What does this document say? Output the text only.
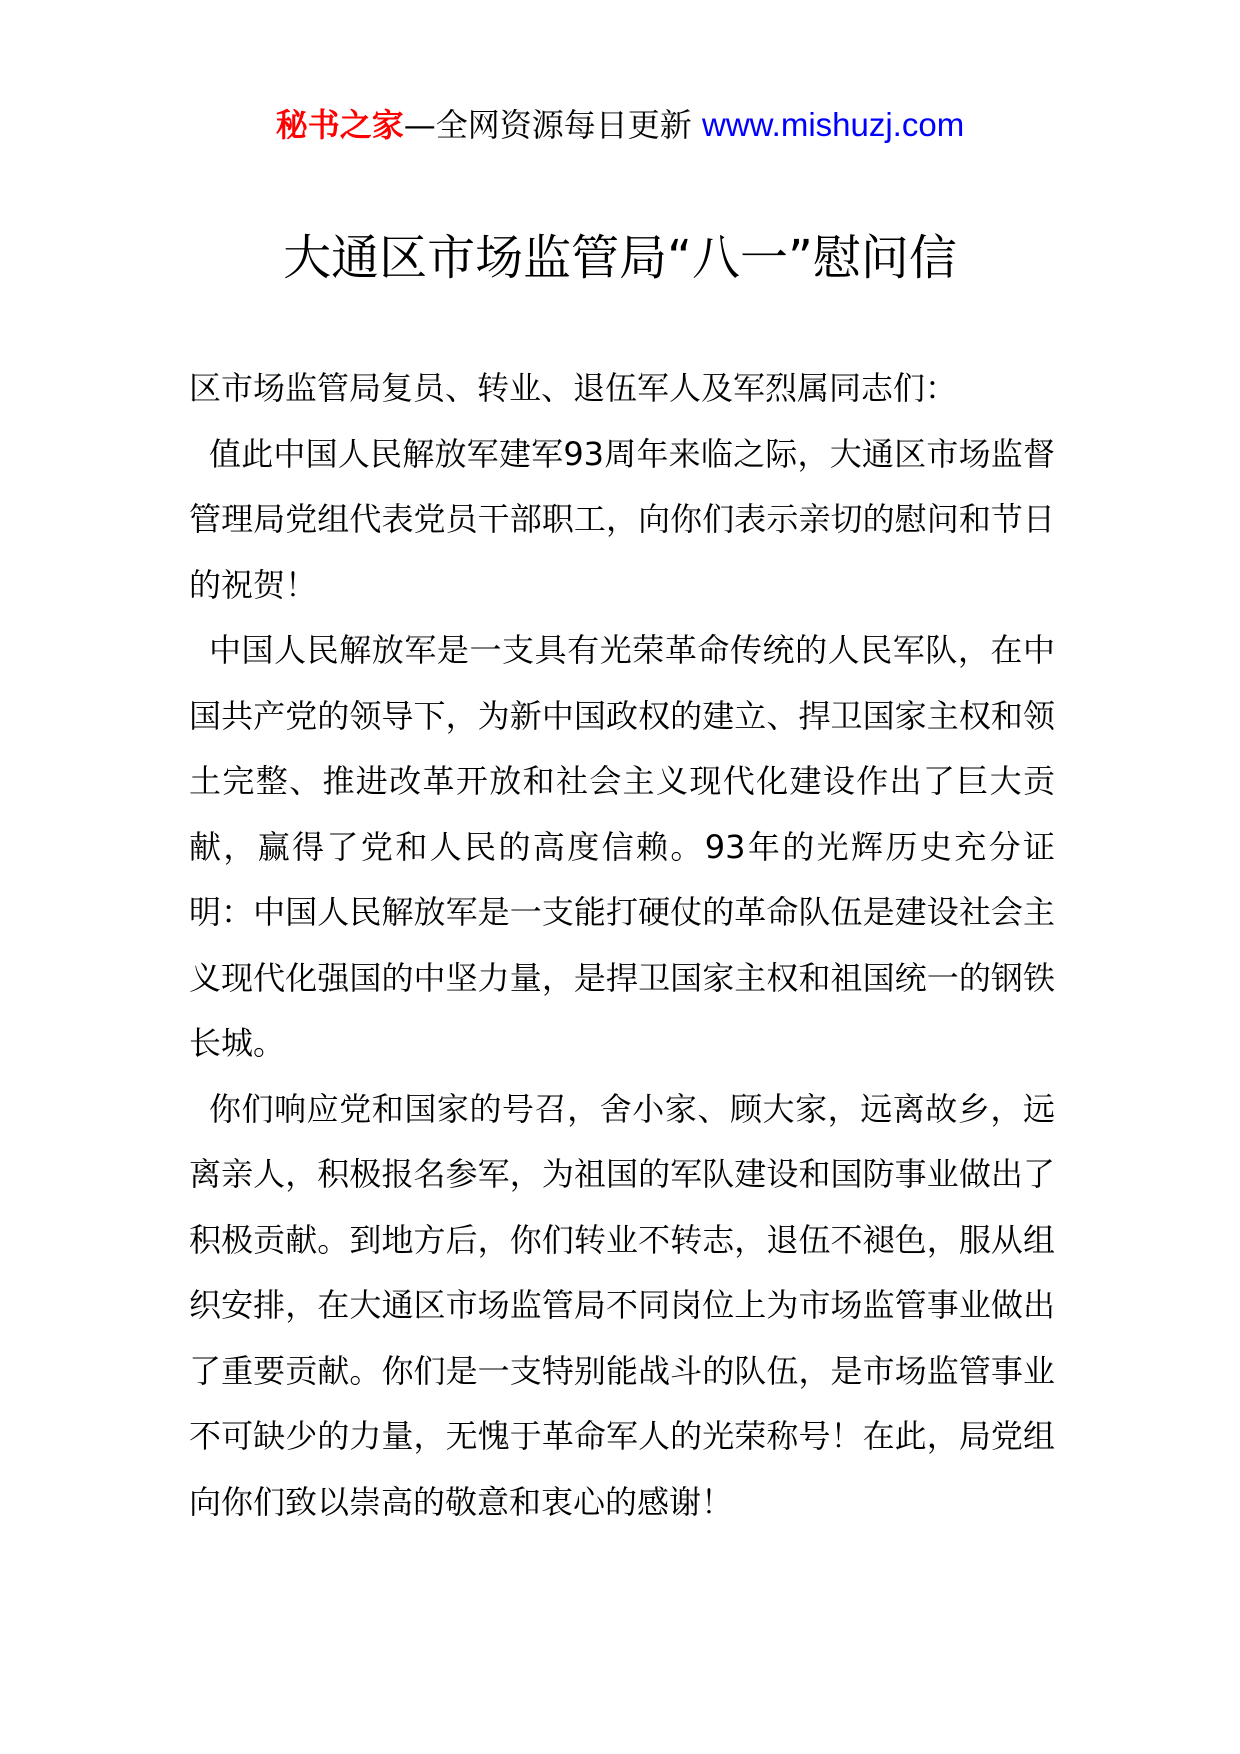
秘书之家—全网资源每日更新 www.mishuzj.com
大通区市场监管局“八一”慰问信

区市场监管局复员、转业、退伍军人及军烈属同志们：

值此中国人民解放军建军93周年来临之际，大通区市场监督管理局党组代表党员干部职工，向你们表示亲切的慰问和节日的祝贺！

中国人民解放军是一支具有光荣革命传统的人民军队，在中国共产党的领导下，为新中国政权的建立、捍卫国家主权和领土完整、推进改革开放和社会主义现代化建设作出了巨大贡献，赢得了党和人民的高度信赖。93年的光辉历史充分证明：中国人民解放军是一支能打硬仗的革命队伍是建设社会主义现代化强国的中坚力量，是捍卫国家主权和祖国统一的钢铁长城。

你们响应党和国家的号召，舍小家、顾大家，远离故乡，远离亲人，积极报名参军，为祖国的军队建设和国防事业做出了积极贡献。到地方后，你们转业不转志，退伍不褪色，服从组织安排，在大通区市场监管局不同岗位上为市场监管事业做出了重要贡献。你们是一支特别能战斗的队伍，是市场监管事业不可缺少的力量，无愧于革命军人的光荣称号！在此，局党组向你们致以崇高的敬意和衷心的感谢！
